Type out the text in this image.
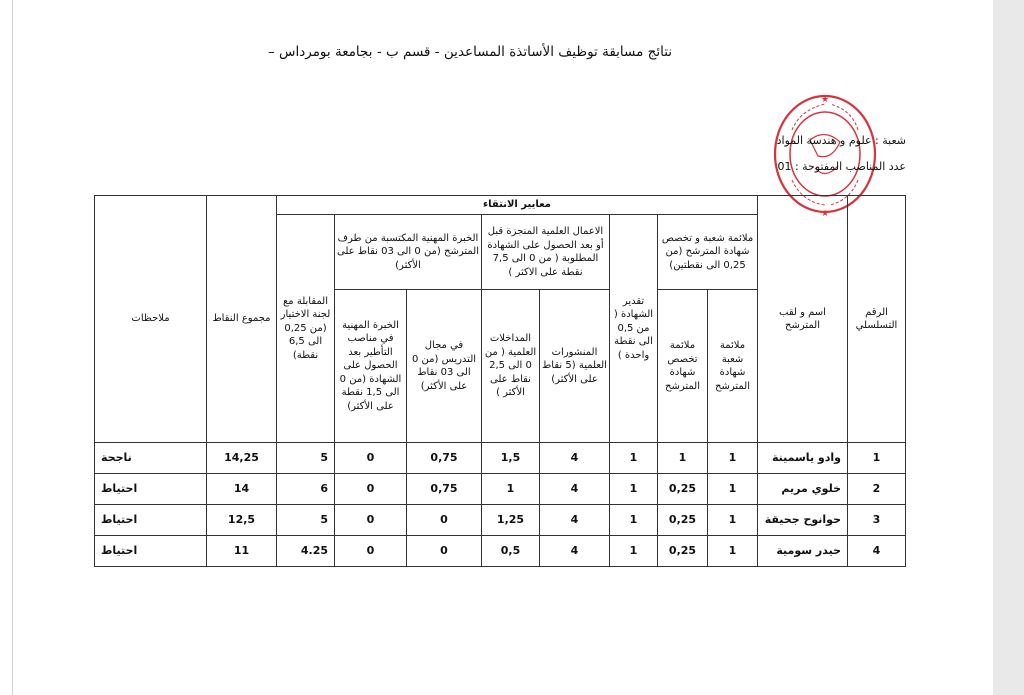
نتائج مسابقة توظيف الأساتذة المساعدين - قسم ب - بجامعة بومرداس –
★
★
شعبة : علوم و هندسة المواد
عدد المناصب المفتوحة : 01
الرقم التسلسلي	اسم و لقب المترشح	معايير الانتقاء								مجموع النقاط	ملاحظات
		ملائمة شعبة و تخصص شهادة المترشح (من 0,25 الى نقطتين)		تقدير الشهادة ( من 0,5 الى نقطة واحدة )	الاعمال العلمية المنجزة قبل أو بعد الحصول على الشهادة المطلوبة ( من 0 الى 7,5 نقطة على الاكثر )		الخبرة المهنية المكتسبة من طرف المترشح (من 0 الى 03 نقاط على الأكثر)		المقابلة مع لجنة الاختيار (من 0,25 الى 6,5 نقطة)		
		ملائمة شعبة شهادة المترشح	ملائمة تخصص شهادة المترشح		المنشورات العلمية (5 نقاط على الأكثر)	المداخلات العلمية ( من 0 الى 2,5 نقاط على الأكثر )	في مجال التدريس (من 0 الى 03 نقاط على الأكثر)	الخبرة المهنية في مناصب التأطير بعد الحصول على الشهادة (من 0 الى 1,5 نقطة على الأكثر)			
1	وادو ياسمينة	1	1	1	4	1,5	0,75	0	5	14,25	ناجحة
2	خلوي مريم	1	0,25	1	4	1	0,75	0	6	14	احتياط
3	حوانوح جحيقة	1	0,25	1	4	1,25	0	0	5	12,5	احتياط
4	حيدر سومية	1	0,25	1	4	0,5	0	0	4.25	11	احتياط
